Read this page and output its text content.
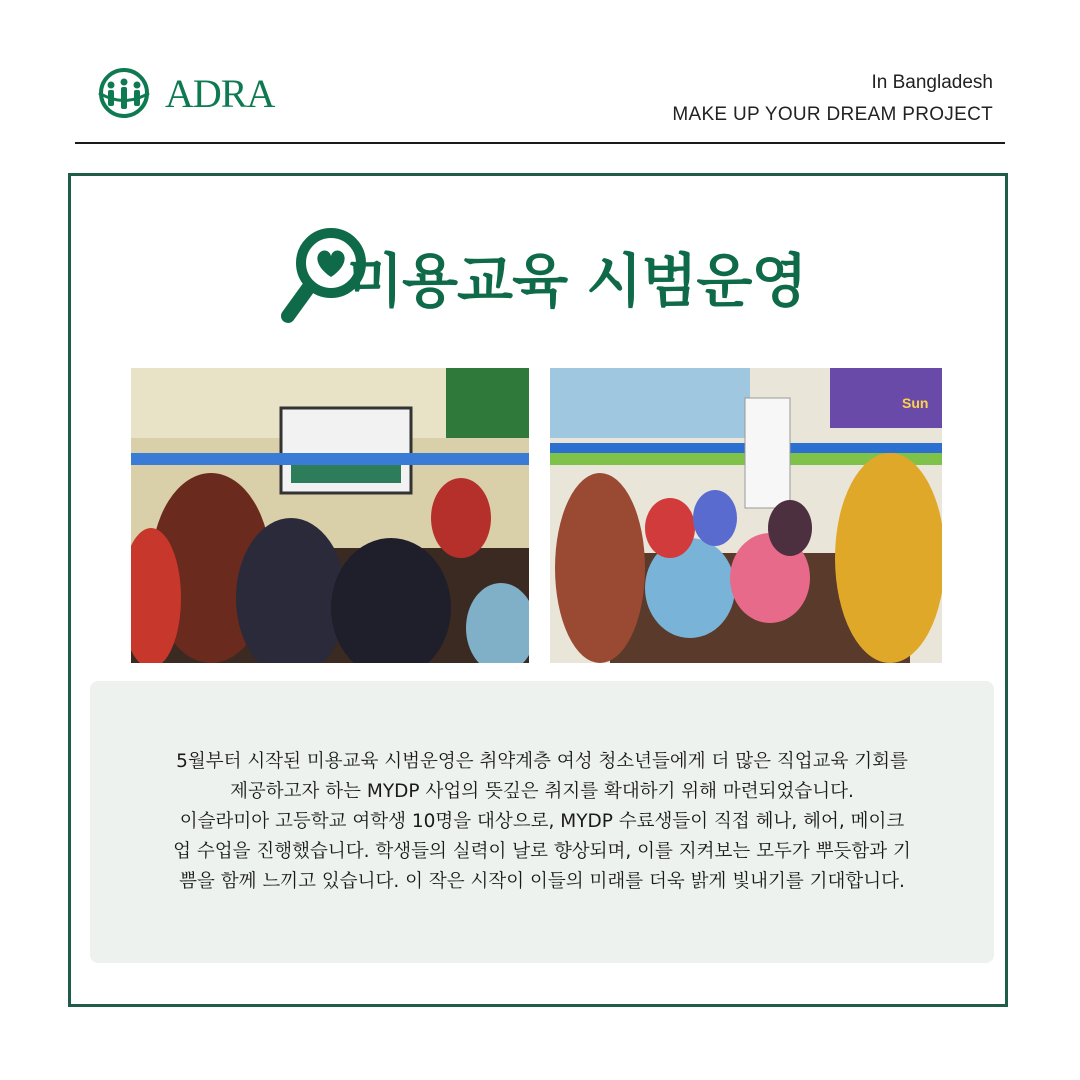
ADRA	In Bangladesh
MAKE UP YOUR DREAM PROJECT
미용교육 시범운영
Sun

5월부터 시작된 미용교육 시범운영은 취약계층 여성 청소년들에게 더 많은 직업교육 기회를
제공하고자 하는 MYDP 사업의 뜻깊은 취지를 확대하기 위해 마련되었습니다.
이슬라미아 고등학교 여학생 10명을 대상으로, MYDP 수료생들이 직접 헤나, 헤어, 메이크
업 수업을 진행했습니다. 학생들의 실력이 날로 향상되며, 이를 지켜보는 모두가 뿌듯함과 기
쁨을 함께 느끼고 있습니다. 이 작은 시작이 이들의 미래를 더욱 밝게 빛내기를 기대합니다.
